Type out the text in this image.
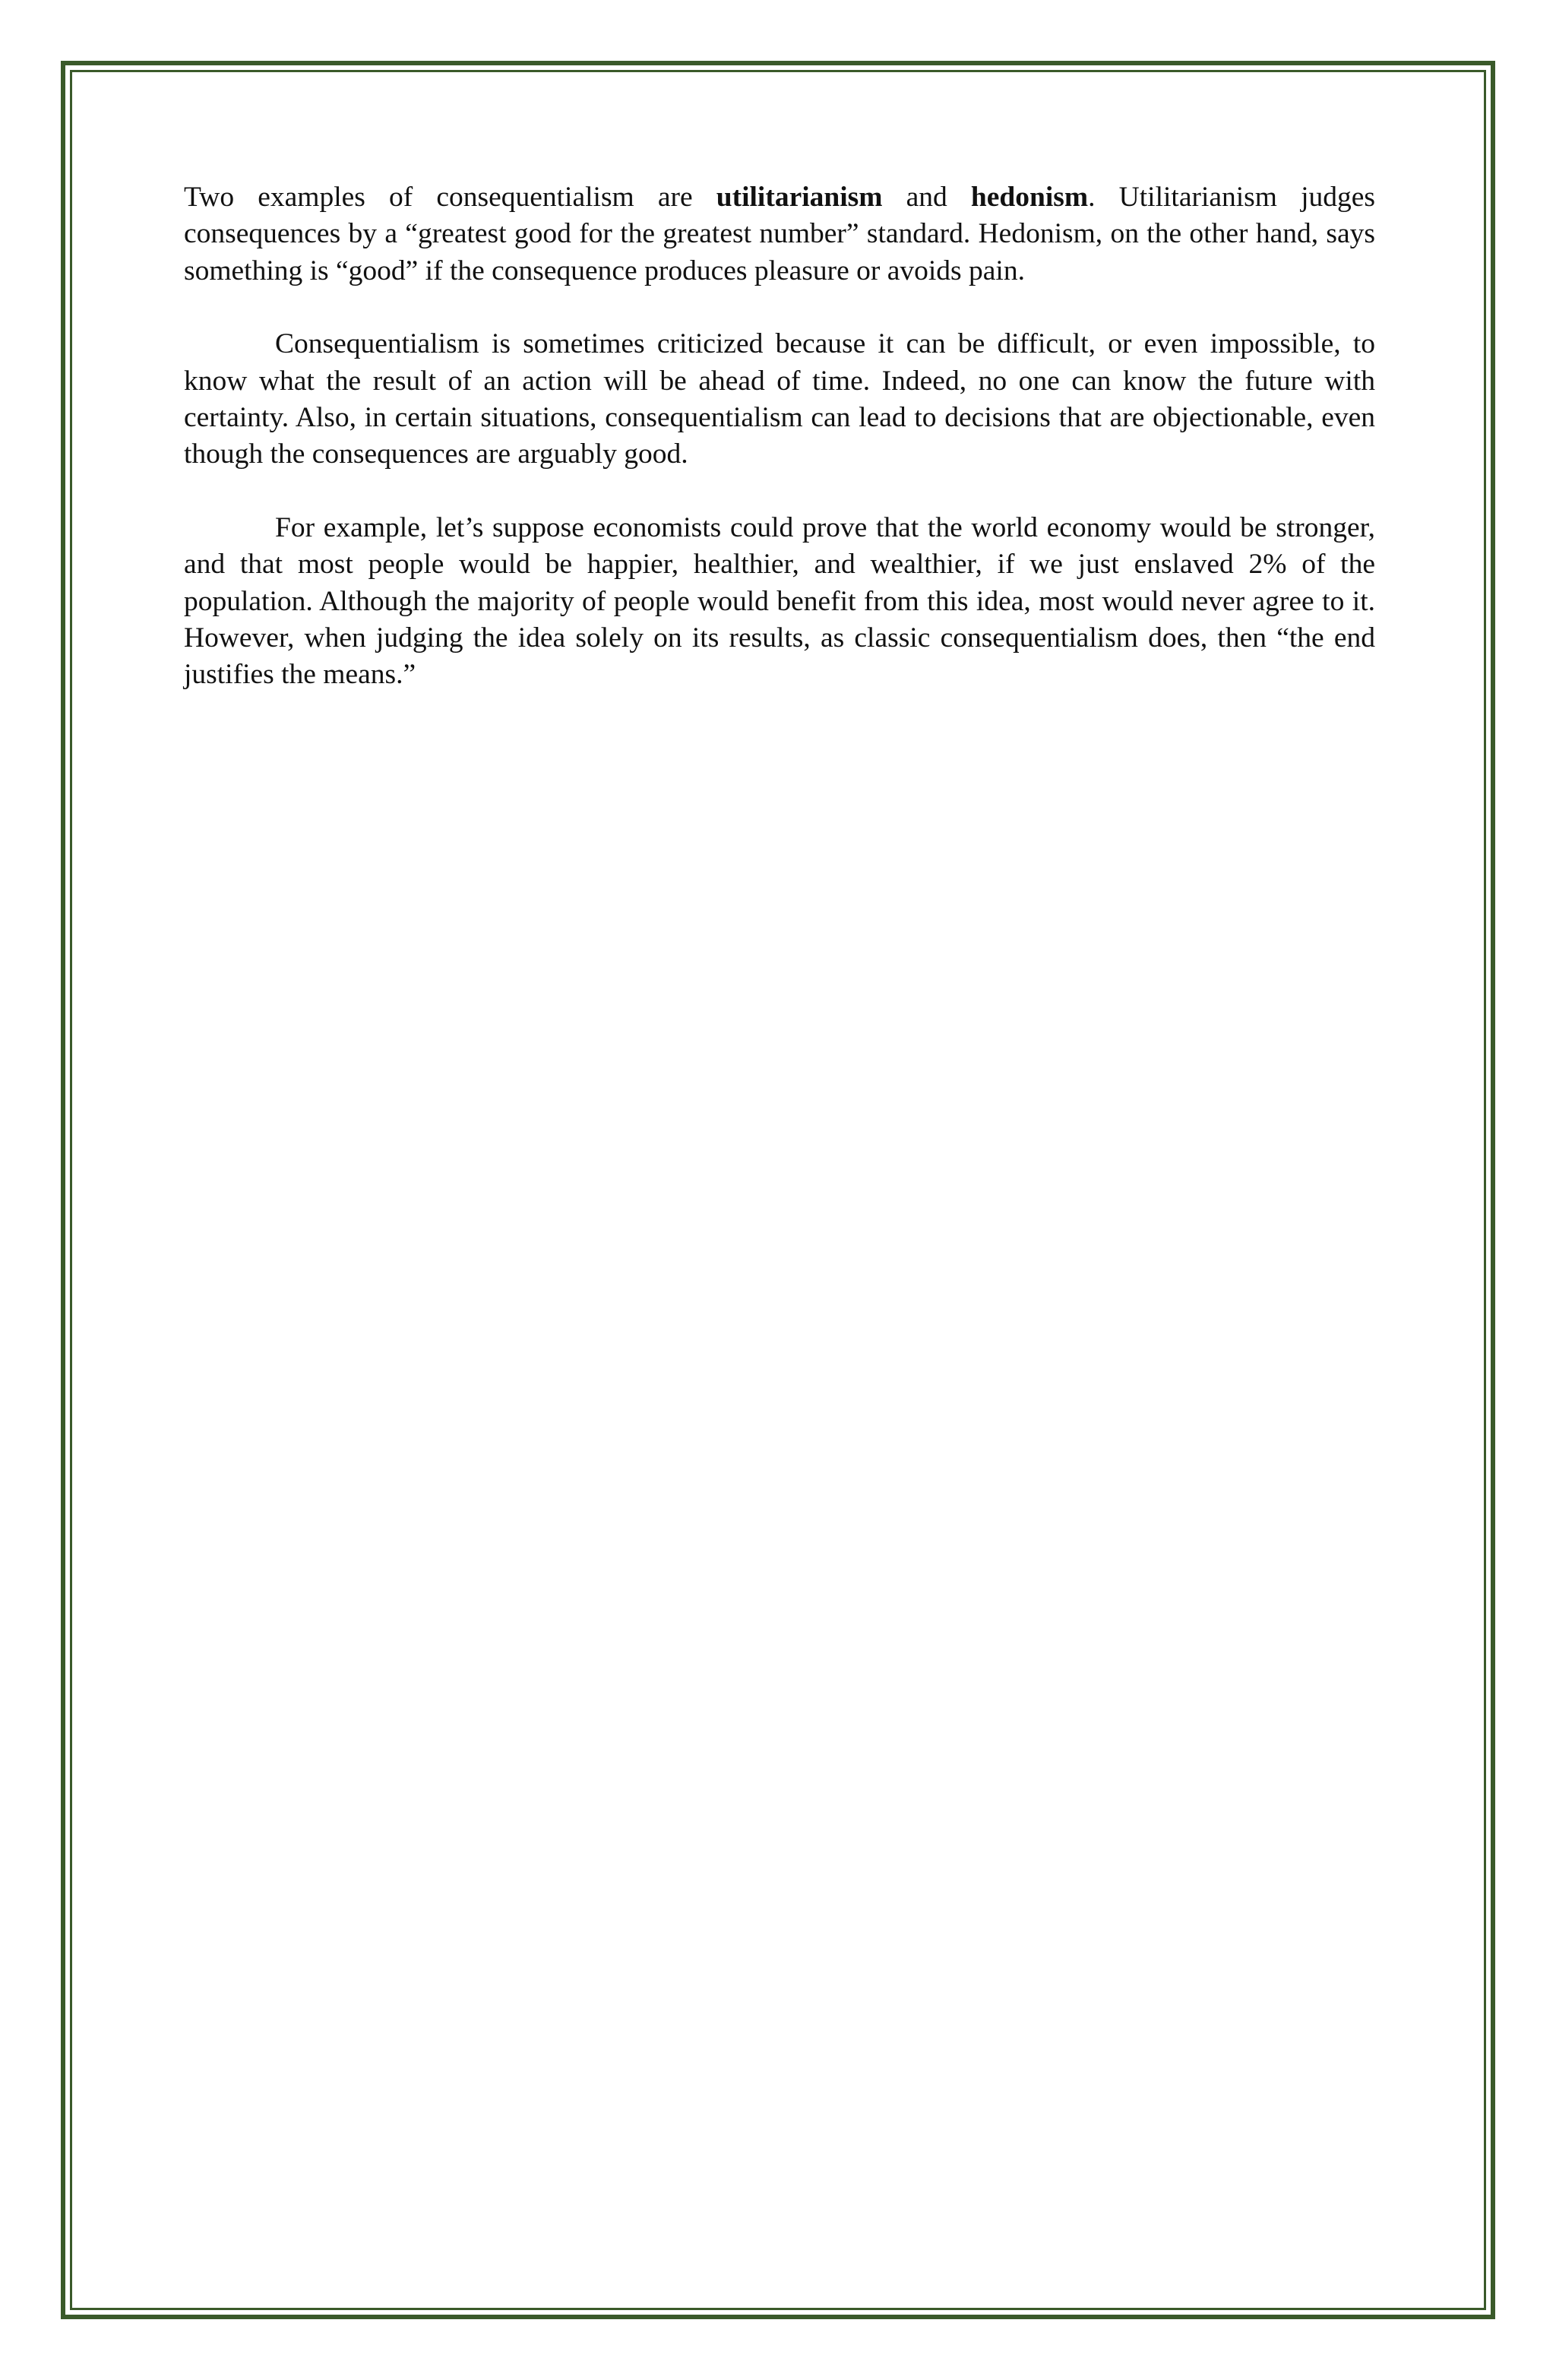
Two examples of consequentialism are utilitarianism and hedonism. Utilitarianism judges consequences by a “greatest good for the greatest number” standard. Hedonism, on the other hand, says something is “good” if the consequence produces pleasure or avoids pain.

Consequentialism is sometimes criticized because it can be difficult, or even impossible, to know what the result of an action will be ahead of time. Indeed, no one can know the future with certainty. Also, in certain situations, consequentialism can lead to decisions that are objectionable, even though the consequences are arguably good.

For example, let’s suppose economists could prove that the world economy would be stronger, and that most people would be happier, healthier, and wealthier, if we just enslaved 2% of the population. Although the majority of people would benefit from this idea, most would never agree to it. However, when judging the idea solely on its results, as classic consequentialism does, then “the end justifies the means.”
